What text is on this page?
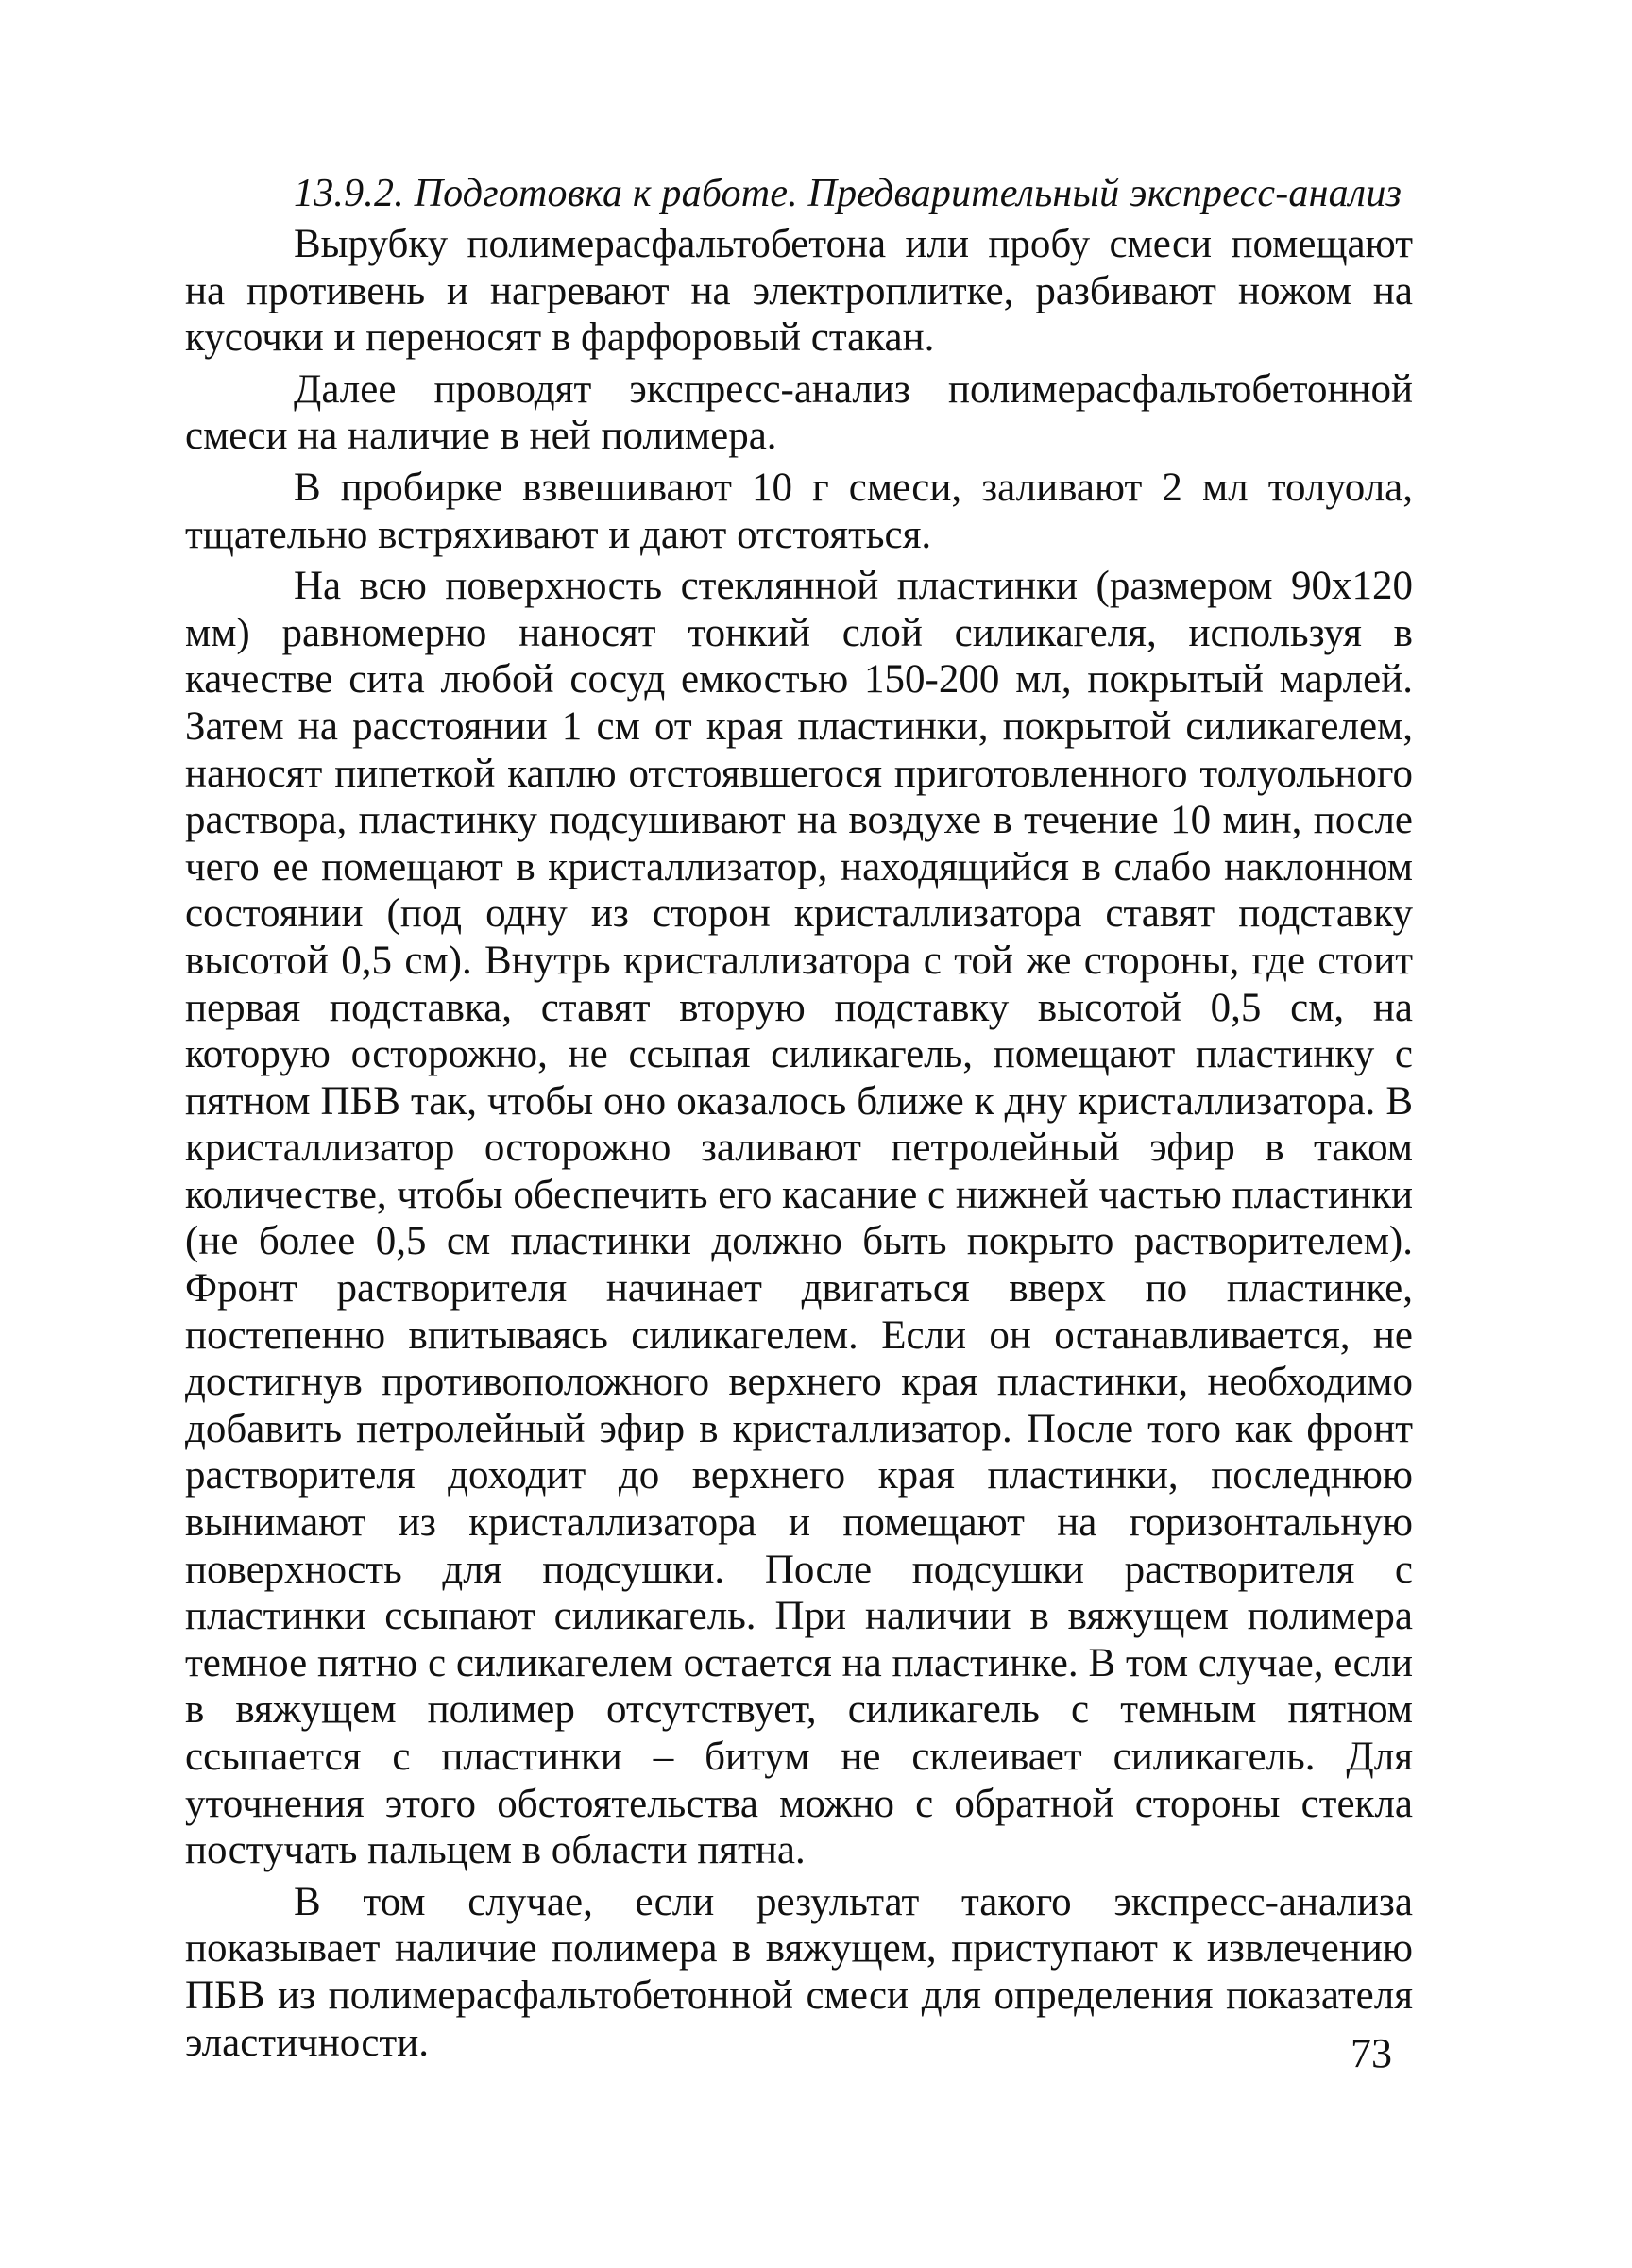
13.9.2. Подготовка к работе. Предварительный экспресс-анализ

Вырубку полимерасфальтобетона или пробу смеси помещают на противень и нагревают на электроплитке, разбивают ножом на кусочки и переносят в фарфоровый стакан.

Далее проводят экспресс-анализ полимерасфальтобетонной смеси на наличие в ней полимера.

В пробирке взвешивают 10 г смеси, заливают 2 мл толуола, тщательно встряхивают и дают отстояться.

На всю поверхность стеклянной пластинки (размером 90х120 мм) равномерно наносят тонкий слой силикагеля, используя в качестве сита любой сосуд емкостью 150-200 мл, покрытый марлей. Затем на расстоянии 1 см от края пластинки, покрытой силикагелем, наносят пипеткой каплю отстоявшегося приготовленного толуольного раствора, пластинку подсушивают на воздухе в течение 10 мин, после чего ее помещают в кристаллизатор, находящийся в слабо наклонном состоянии (под одну из сторон кристаллизатора ставят подставку высотой 0,5 см). Внутрь кристаллизатора с той же стороны, где стоит первая подставка, ставят вторую подставку высотой 0,5 см, на которую осторожно, не ссыпая силикагель, помещают пластинку с пятном ПБВ так, чтобы оно оказалось ближе к дну кристаллизатора. В кристаллизатор осторожно заливают петролейный эфир в таком количестве, чтобы обеспечить его касание с нижней частью пластинки (не более 0,5 см пластинки должно быть покрыто растворителем). Фронт растворителя начинает двигаться вверх по пластинке, постепенно впитываясь силикагелем. Если он останавливается, не достигнув противоположного верхнего края пластинки, необходимо добавить петролейный эфир в кристаллизатор. После того как фронт растворителя доходит до верхнего края пластинки, последнюю вынимают из кристаллизатора и помещают на горизонтальную поверхность для подсушки. После подсушки растворителя с пластинки ссыпают силикагель. При наличии в вяжущем полимера темное пятно с силикагелем остается на пластинке. В том случае, если в вяжущем полимер отсутствует, силикагель с темным пятном ссыпается с пластинки – битум не склеивает силикагель. Для уточнения этого обстоятельства можно с обратной стороны стекла постучать пальцем в области пятна.

В том случае, если результат такого экспресс-анализа показывает наличие полимера в вяжущем, приступают к извлечению ПБВ из полимерасфальтобетонной смеси для определения показателя эластичности.	73
